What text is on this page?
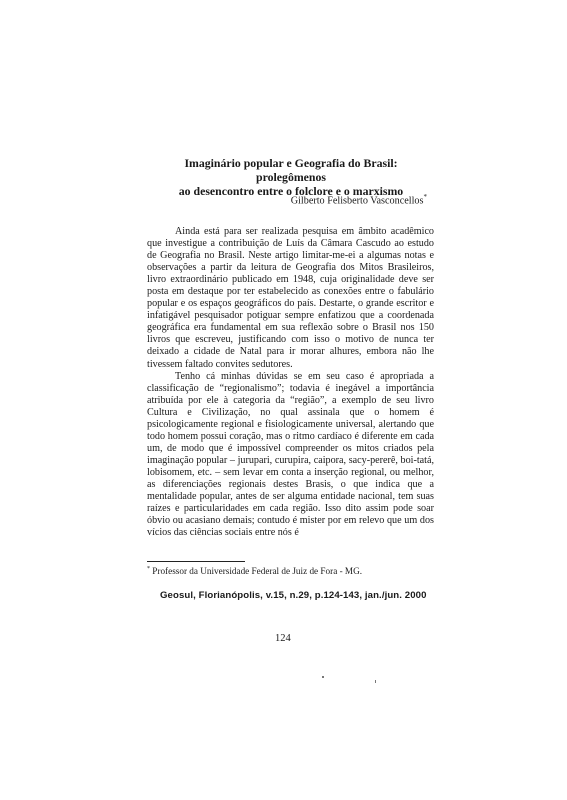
Imaginário popular e Geografia do Brasil: prolegômenos
ao desencontro entre o folclore e o marxismo
Gilberto Felisberto Vasconcellos*

Ainda está para ser realizada pesquisa em âmbito acadêmico que investigue a contribuição de Luís da Câmara Cascudo ao estudo de Geografia no Brasil. Neste artigo limitar-me-ei a algumas notas e observações a partir da leitura de Geografia dos Mitos Brasileiros, livro extraordinário publicado em 1948, cuja originalidade deve ser posta em destaque por ter estabelecido as conexões entre o fabulário popular e os espaços geográficos do país. Destarte, o grande escritor e infatigável pesquisador potiguar sempre enfatizou que a coordenada geográfica era fundamental em sua reflexão sobre o Brasil nos 150 livros que escreveu, justificando com isso o motivo de nunca ter deixado a cidade de Natal para ir morar alhures, embora não lhe tivessem faltado convites sedutores.

Tenho cá minhas dúvidas se em seu caso é apropriada a classificação de “regionalismo”; todavia é inegável a importância atribuída por ele à categoria da “região”, a exemplo de seu livro Cultura e Civilização, no qual assinala que o homem é psicologicamente regional e fisiologicamente universal, alertando que todo homem possui coração, mas o ritmo cardíaco é diferente em cada um, de modo que é impossível compreender os mitos criados pela imaginação popular – jurupari, curupira, caipora, sacy-pererê, boi-tatá, lobisomem, etc. – sem levar em conta a inserção regional, ou melhor, as diferenciações regionais destes Brasis, o que indica que a mentalidade popular, antes de ser alguma entidade nacional, tem suas raízes e particularidades em cada região. Isso dito assim pode soar óbvio ou acasiano demais; contudo é mister por em relevo que um dos vícios das ciências sociais entre nós é

* Professor da Universidade Federal de Juiz de Fora - MG.
Geosul, Florianópolis, v.15, n.29, p.124-143, jan./jun. 2000
124
